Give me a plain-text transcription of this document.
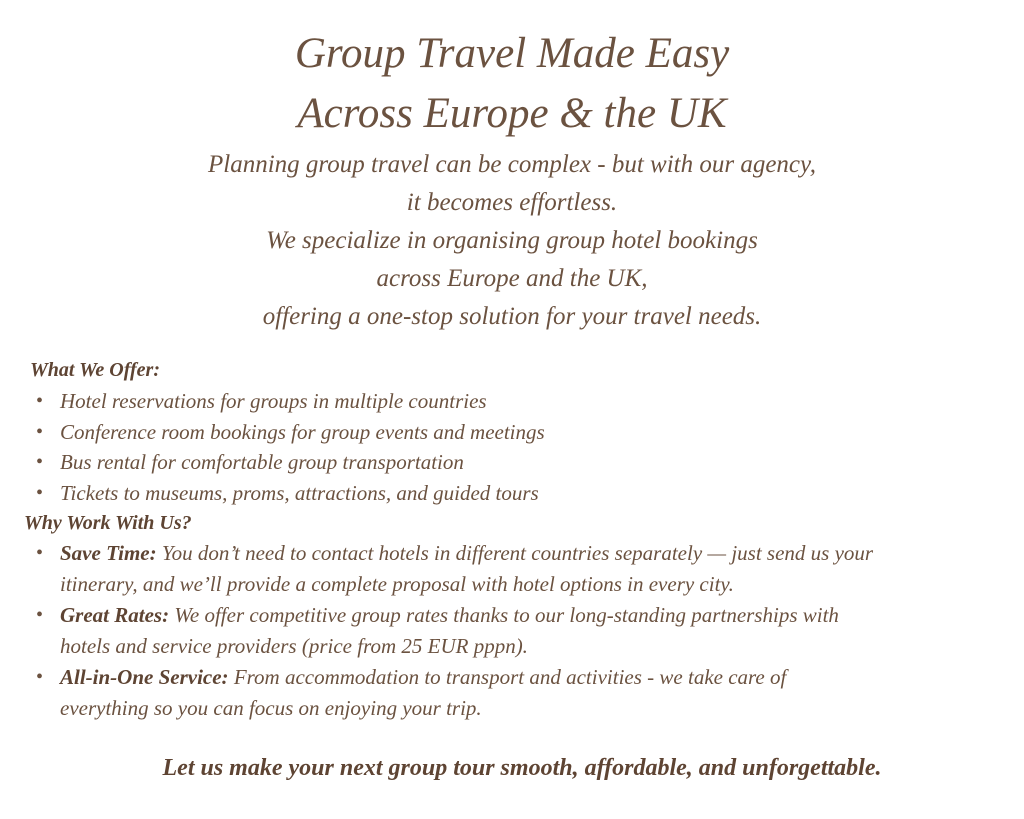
Group Travel Made Easy
Across Europe & the UK
Planning group travel can be complex - but with our agency,
it becomes effortless.
We specialize in organising group hotel bookings
across Europe and the UK,
offering a one-stop solution for your travel needs.
What We Offer:
• Hotel reservations for groups in multiple countries
• Conference room bookings for group events and meetings
• Bus rental for comfortable group transportation
• Tickets to museums, proms, attractions, and guided tours
Why Work With Us?
• Save Time: You don’t need to contact hotels in different countries separately — just send us your
itinerary, and we’ll provide a complete proposal with hotel options in every city.
• Great Rates: We offer competitive group rates thanks to our long-standing partnerships with
hotels and service providers (price from 25 EUR pppn).
• All-in-One Service: From accommodation to transport and activities - we take care of
everything so you can focus on enjoying your trip.
Let us make your next group tour smooth, affordable, and unforgettable.
